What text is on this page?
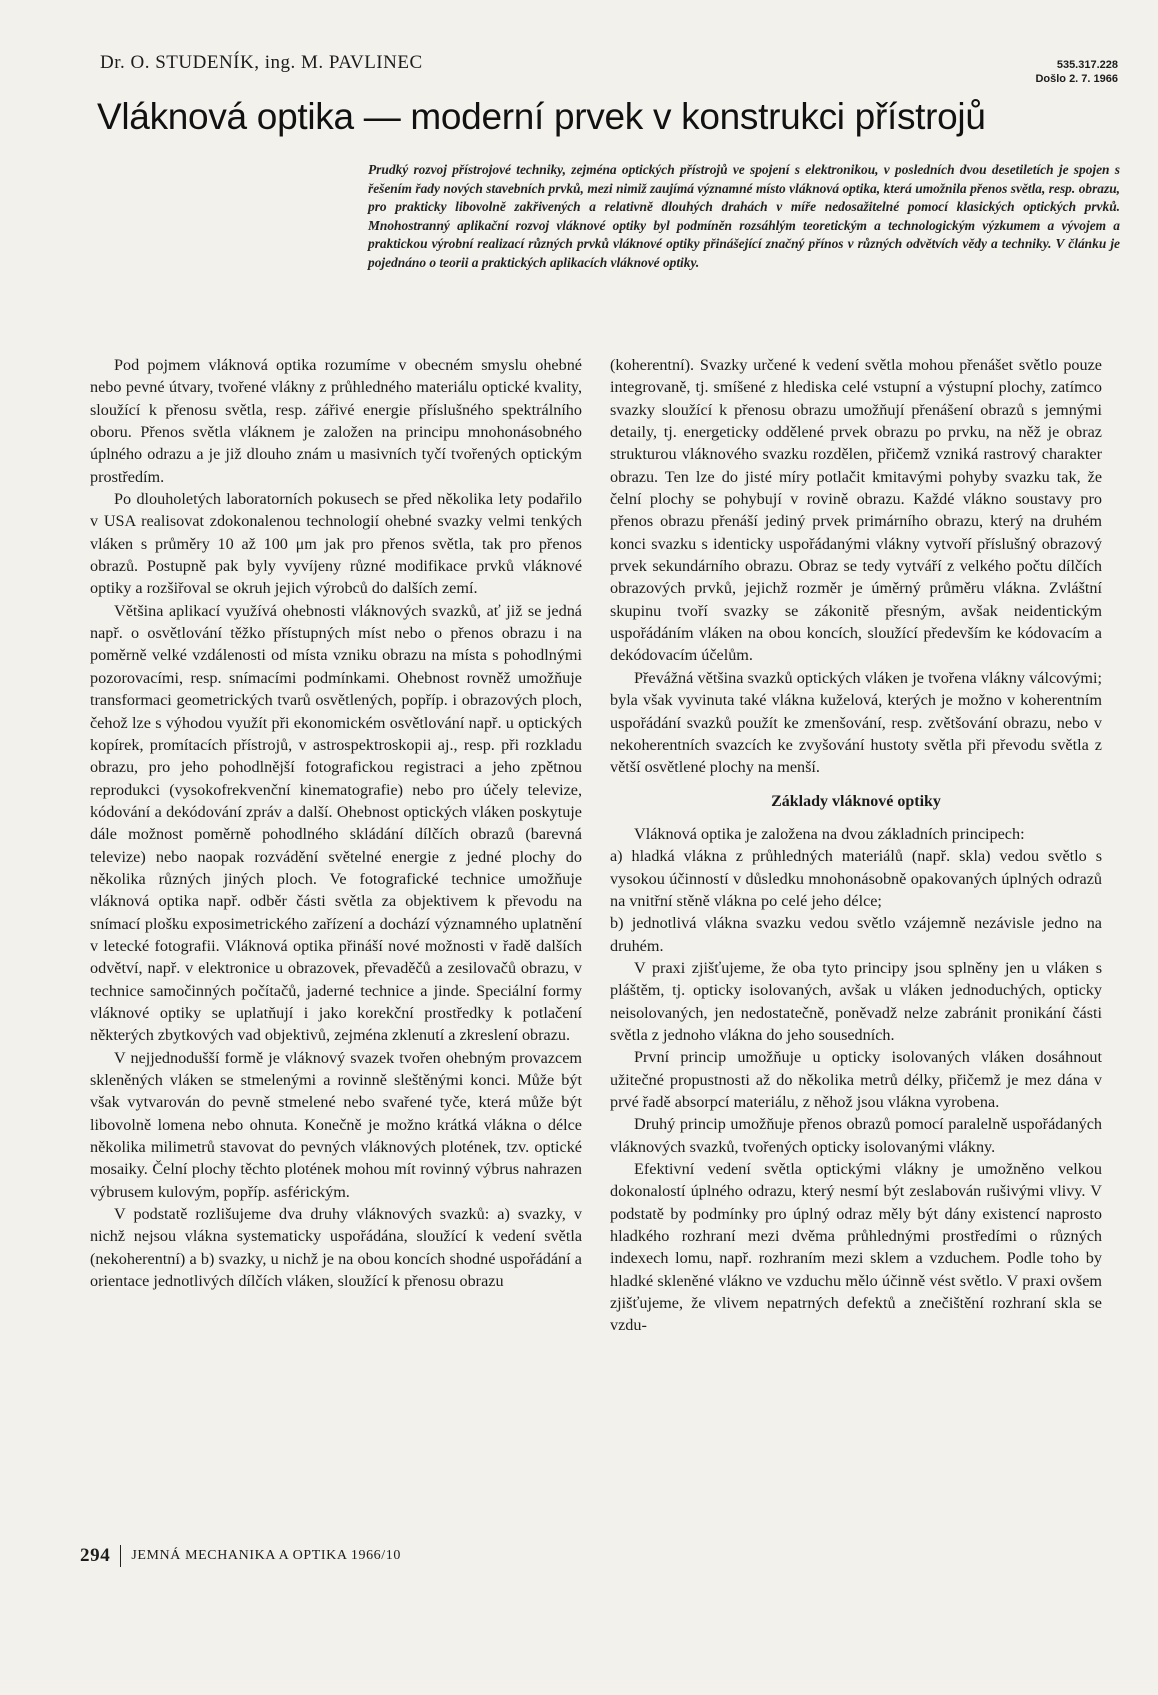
Dr. O. STUDENÍK, ing. M. PAVLINEC	535.317.228
Došlo 2. 7. 1966
Vláknová optika — moderní prvek v konstrukci přístrojů
Prudký rozvoj přístrojové techniky, zejména optických přístrojů ve spojení s elektronikou, v posledních dvou desetiletích je spojen s řešením řady nových stavebních prvků, mezi nimiž zaujímá významné místo vláknová optika, která umožnila přenos světla, resp. obrazu, pro prakticky libovolně zakřivených a relativně dlouhých drahách v míře nedosažitelné pomocí klasických optických prvků. Mnohostranný aplikační rozvoj vláknové optiky byl podmíněn rozsáhlým teoretickým a technologickým výzkumem a vývojem a praktickou výrobní realizací různých prvků vláknové optiky přinášející značný přínos v různých odvětvích vědy a techniky. V článku je pojednáno o teorii a praktických aplikacích vláknové optiky.

Pod pojmem vláknová optika rozumíme v obecném smyslu ohebné nebo pevné útvary, tvořené vlákny z průhledného materiálu optické kvality, sloužící k přenosu světla, resp. zářivé energie příslušného spektrálního oboru. Přenos světla vláknem je založen na principu mnohonásobného úplného odrazu a je již dlouho znám u masivních tyčí tvořených optickým prostředím.

Po dlouholetých laboratorních pokusech se před několika lety podařilo v USA realisovat zdokonalenou technologií ohebné svazky velmi tenkých vláken s průměry 10 až 100 μm jak pro přenos světla, tak pro přenos obrazů. Postupně pak byly vyvíjeny různé modifikace prvků vláknové optiky a rozšiřoval se okruh jejich výrobců do dalších zemí.

Většina aplikací využívá ohebnosti vláknových svazků, ať již se jedná např. o osvětlování těžko přístupných míst nebo o přenos obrazu i na poměrně velké vzdálenosti od místa vzniku obrazu na místa s pohodlnými pozorovacími, resp. snímacími podmínkami. Ohebnost rovněž umožňuje transformaci geometrických tvarů osvětlených, popříp. i obrazových ploch, čehož lze s výhodou využít při ekonomickém osvětlování např. u optických kopírek, promítacích přístrojů, v astrospektroskopii aj., resp. při rozkladu obrazu, pro jeho pohodlnější fotografickou registraci a jeho zpětnou reprodukci (vysokofrekvenční kinematografie) nebo pro účely televize, kódování a dekódování zpráv a další. Ohebnost optických vláken poskytuje dále možnost poměrně pohodlného skládání dílčích obrazů (barevná televize) nebo naopak rozvádění světelné energie z jedné plochy do několika různých jiných ploch. Ve fotografické technice umožňuje vláknová optika např. odběr části světla za objektivem k převodu na snímací plošku exposimetrického zařízení a dochází významného uplatnění v letecké fotografii. Vláknová optika přináší nové možnosti v řadě dalších odvětví, např. v elektronice u obrazovek, převaděčů a zesilovačů obrazu, v technice samočinných počítačů, jaderné technice a jinde. Speciální formy vláknové optiky se uplatňují i jako korekční prostředky k potlačení některých zbytkových vad objektivů, zejména zklenutí a zkreslení obrazu.

V nejjednodušší formě je vláknový svazek tvořen ohebným provazcem skleněných vláken se stmelenými a rovinně sleštěnými konci. Může být však vytvarován do pevně stmelené nebo svařené tyče, která může být libovolně lomena nebo ohnuta. Konečně je možno krátká vlákna o délce několika milimetrů stavovat do pevných vláknových plotének, tzv. optické mosaiky. Čelní plochy těchto plotének mohou mít rovinný výbrus nahrazen výbrusem kulovým, popříp. asférickým.

V podstatě rozlišujeme dva druhy vláknových svazků: a) svazky, v nichž nejsou vlákna systematicky uspořádána, sloužící k vedení světla (nekoherentní) a b) svazky, u nichž je na obou koncích shodné uspořádání a orientace jednotlivých dílčích vláken, sloužící k přenosu obrazu

(koherentní). Svazky určené k vedení světla mohou přenášet světlo pouze integrovaně, tj. smíšené z hlediska celé vstupní a výstupní plochy, zatímco svazky sloužící k přenosu obrazu umožňují přenášení obrazů s jemnými detaily, tj. energeticky oddělené prvek obrazu po prvku, na něž je obraz strukturou vláknového svazku rozdělen, přičemž vzniká rastrový charakter obrazu. Ten lze do jisté míry potlačit kmitavými pohyby svazku tak, že čelní plochy se pohybují v rovině obrazu. Každé vlákno soustavy pro přenos obrazu přenáší jediný prvek primárního obrazu, který na druhém konci svazku s identicky uspořádanými vlákny vytvoří příslušný obrazový prvek sekundárního obrazu. Obraz se tedy vytváří z velkého počtu dílčích obrazových prvků, jejichž rozměr je úměrný průměru vlákna. Zvláštní skupinu tvoří svazky se zákonitě přesným, avšak neidentickým uspořádáním vláken na obou koncích, sloužící především ke kódovacím a dekódovacím účelům.

Převážná většina svazků optických vláken je tvořena vlákny válcovými; byla však vyvinuta také vlákna kuželová, kterých je možno v koherentním uspořádání svazků použít ke zmenšování, resp. zvětšování obrazu, nebo v nekoherentních svazcích ke zvyšování hustoty světla při převodu světla z větší osvětlené plochy na menší.

Základy vláknové optiky

Vláknová optika je založena na dvou základních principech:

a) hladká vlákna z průhledných materiálů (např. skla) vedou světlo s vysokou účinností v důsledku mnohonásobně opakovaných úplných odrazů na vnitřní stěně vlákna po celé jeho délce;

b) jednotlivá vlákna svazku vedou světlo vzájemně nezávisle jedno na druhém.

V praxi zjišťujeme, že oba tyto principy jsou splněny jen u vláken s pláštěm, tj. opticky isolovaných, avšak u vláken jednoduchých, opticky neisolovaných, jen nedostatečně, poněvadž nelze zabránit pronikání části světla z jednoho vlákna do jeho sousedních.

První princip umožňuje u opticky isolovaných vláken dosáhnout užitečné propustnosti až do několika metrů délky, přičemž je mez dána v prvé řadě absorpcí materiálu, z něhož jsou vlákna vyrobena.

Druhý princip umožňuje přenos obrazů pomocí paralelně uspořádaných vláknových svazků, tvořených opticky isolovanými vlákny.

Efektivní vedení světla optickými vlákny je umožněno velkou dokonalostí úplného odrazu, který nesmí být zeslabován rušivými vlivy. V podstatě by podmínky pro úplný odraz měly být dány existencí naprosto hladkého rozhraní mezi dvěma průhlednými prostředími o různých indexech lomu, např. rozhraním mezi sklem a vzduchem. Podle toho by hladké skleněné vlákno ve vzduchu mělo účinně vést světlo. V praxi ovšem zjišťujeme, že vlivem nepatrných defektů a znečištění rozhraní skla se vzdu-

294 JEMNÁ MECHANIKA A OPTIKA 1966/10
